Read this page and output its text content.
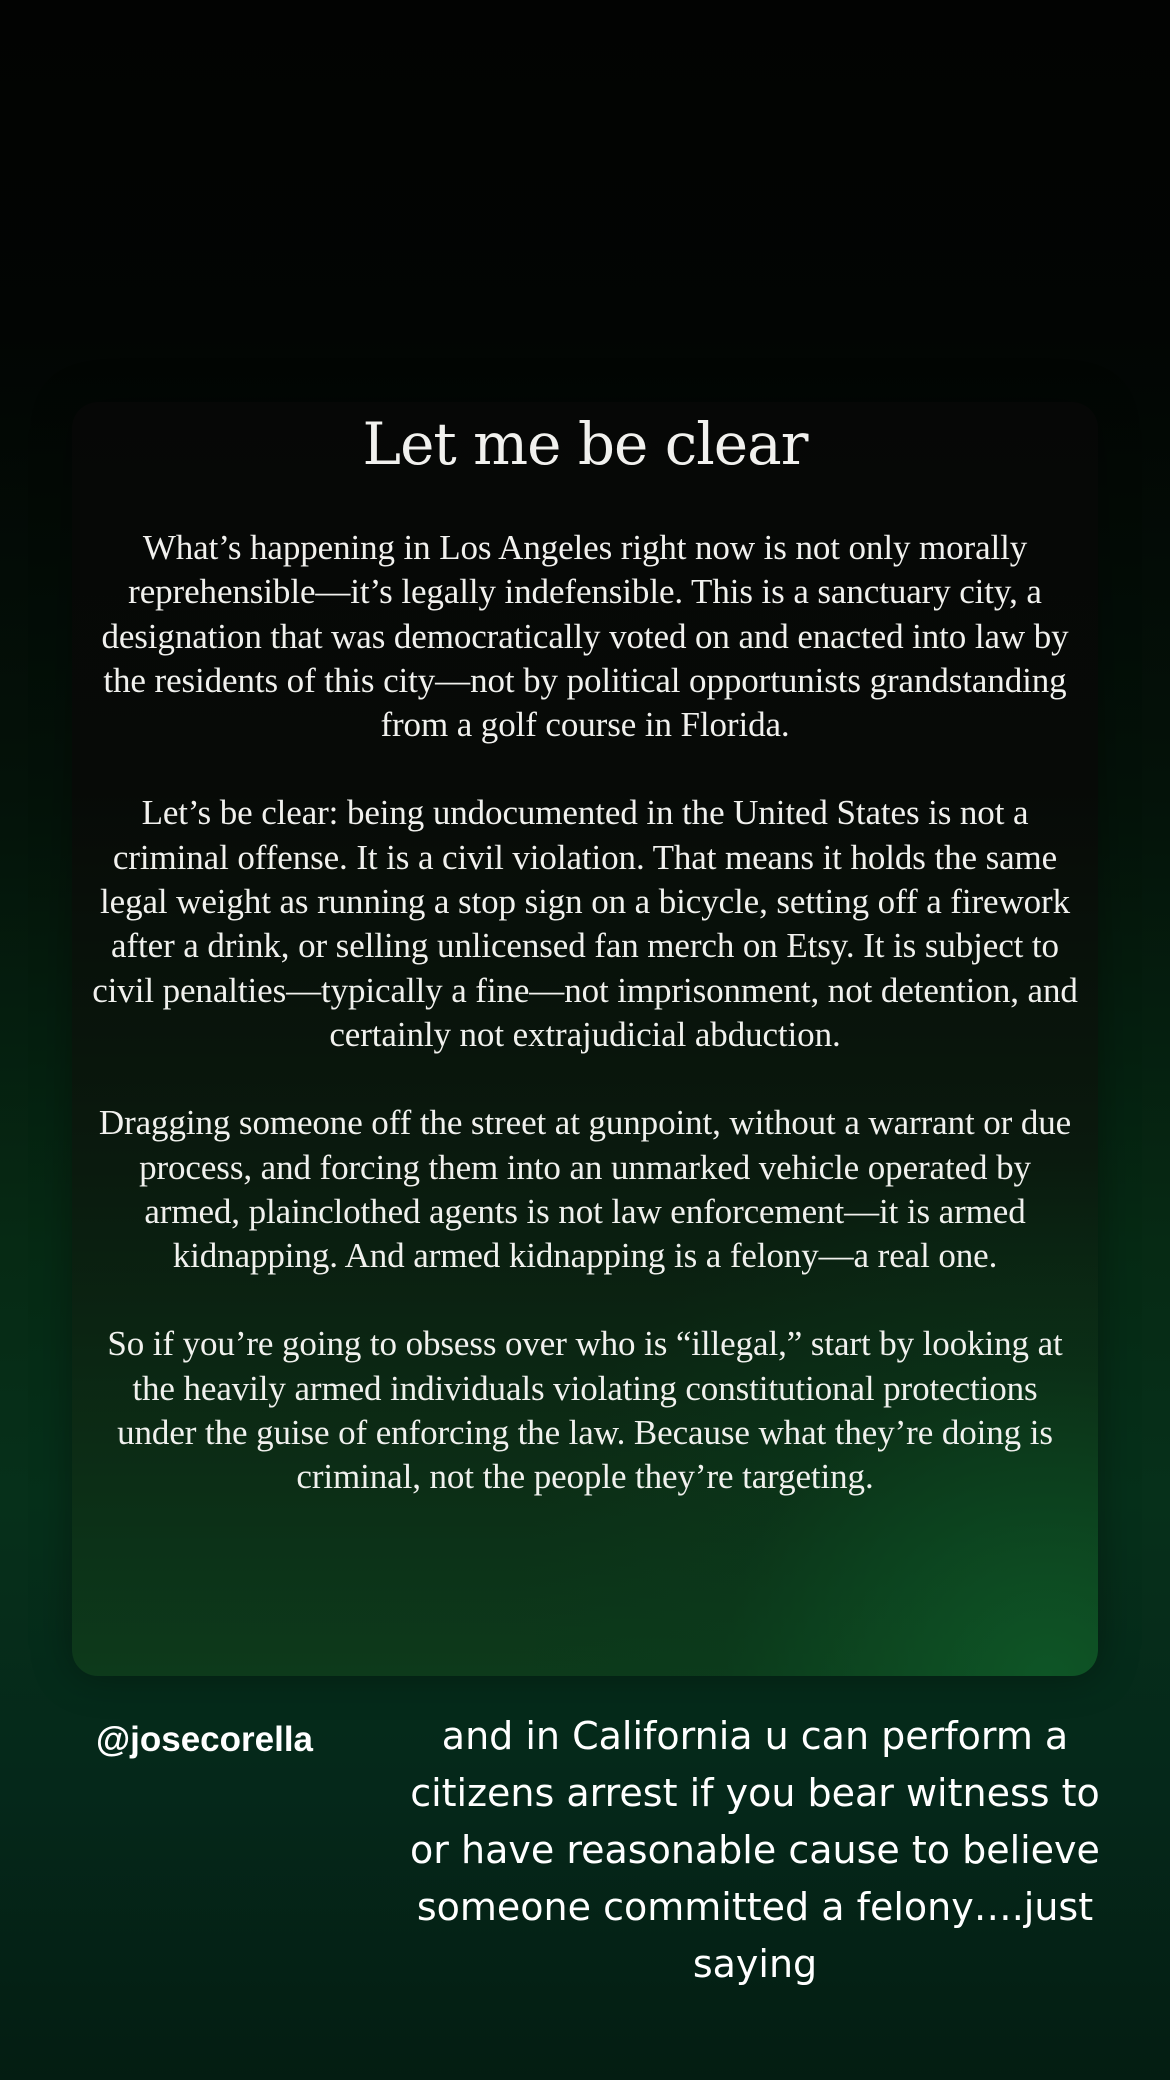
Let me be clear

What’s happening in Los Angeles right now is not only morally reprehensible—it’s legally indefensible. This is a sanctuary city, a designation that was democratically voted on and enacted into law by the residents of this city—not by political opportunists grandstanding from a golf course in Florida.

Let’s be clear: being undocumented in the United States is not a criminal offense. It is a civil violation. That means it holds the same legal weight as running a stop sign on a bicycle, setting off a firework after a drink, or selling unlicensed fan merch on Etsy. It is subject to civil penalties—typically a fine—not imprisonment, not detention, and certainly not extrajudicial abduction.

Dragging someone off the street at gunpoint, without a warrant or due process, and forcing them into an unmarked vehicle operated by armed, plainclothed agents is not law enforcement—it is armed kidnapping. And armed kidnapping is a felony—a real one.

So if you’re going to obsess over who is “illegal,” start by looking at the heavily armed individuals violating constitutional protections under the guise of enforcing the law. Because what they’re doing is criminal, not the people they’re targeting.

@josecorella	and in California u can perform a citizens arrest if you bear witness to or have reasonable cause to believe someone committed a felony….just saying
